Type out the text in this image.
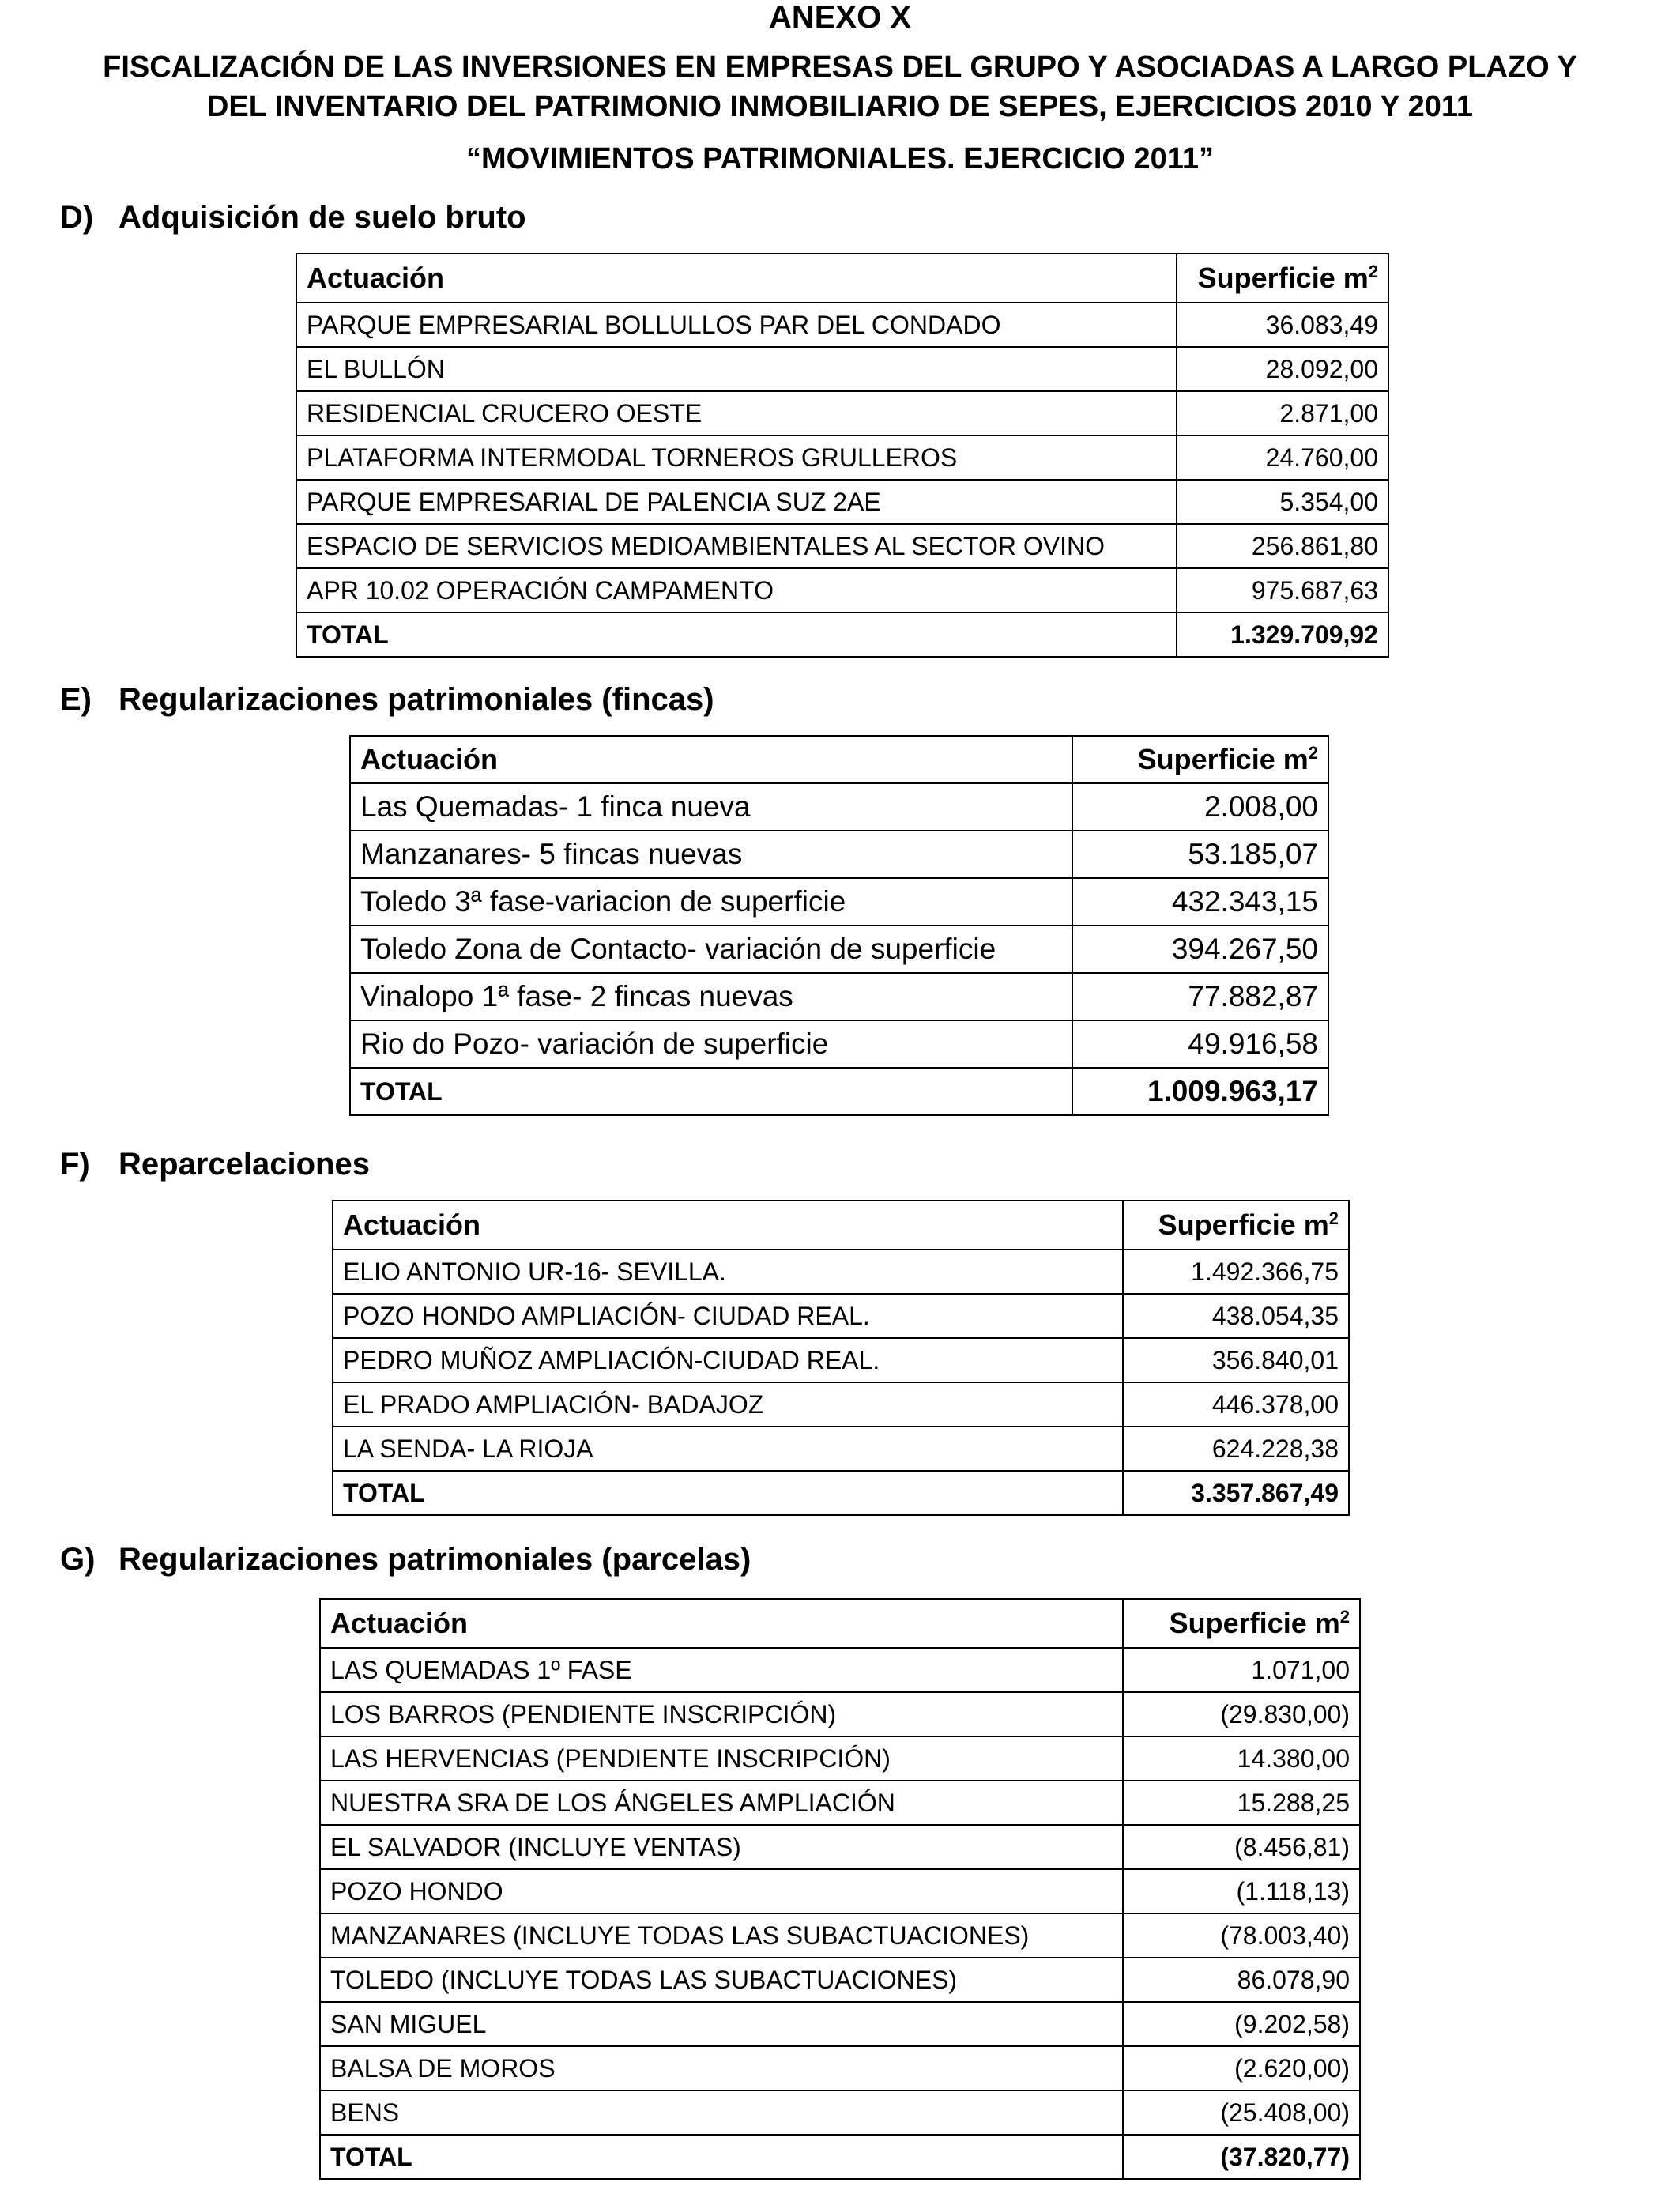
ANEXO X
FISCALIZACIÓN DE LAS INVERSIONES EN EMPRESAS DEL GRUPO Y ASOCIADAS A LARGO PLAZO Y
DEL INVENTARIO DEL PATRIMONIO INMOBILIARIO DE SEPES, EJERCICIOS 2010 Y 2011
“MOVIMIENTOS PATRIMONIALES. EJERCICIO 2011”
D) Adquisición de suelo bruto
Actuación	Superficie $m^2$
PARQUE EMPRESARIAL BOLLULLOS PAR DEL CONDADO	36.083,49
EL BULLÓN	28.092,00
RESIDENCIAL CRUCERO OESTE	2.871,00
PLATAFORMA INTERMODAL TORNEROS GRULLEROS	24.760,00
PARQUE EMPRESARIAL DE PALENCIA SUZ 2AE	5.354,00
ESPACIO DE SERVICIOS MEDIOAMBIENTALES AL SECTOR OVINO	256.861,80
APR 10.02 OPERACIÓN CAMPAMENTO	975.687,63
TOTAL	1.329.709,92
E) Regularizaciones patrimoniales (fincas)
Actuación	Superficie $m^2$
Las Quemadas- 1 finca nueva	2.008,00
Manzanares- 5 fincas nuevas	53.185,07
Toledo 3ª fase-variacion de superficie	432.343,15
Toledo Zona de Contacto- variación de superficie	394.267,50
Vinalopo 1ª fase- 2 fincas nuevas	77.882,87
Rio do Pozo- variación de superficie	49.916,58
TOTAL	1.009.963,17
F) Reparcelaciones
Actuación	Superficie $m^2$
ELIO ANTONIO UR-16- SEVILLA.	1.492.366,75
POZO HONDO AMPLIACIÓN- CIUDAD REAL.	438.054,35
PEDRO MUÑOZ AMPLIACIÓN-CIUDAD REAL.	356.840,01
EL PRADO AMPLIACIÓN- BADAJOZ	446.378,00
LA SENDA- LA RIOJA	624.228,38
TOTAL	3.357.867,49
G) Regularizaciones patrimoniales (parcelas)
Actuación	Superficie $m^2$
LAS QUEMADAS 1º FASE	1.071,00
LOS BARROS (PENDIENTE INSCRIPCIÓN)	(29.830,00)
LAS HERVENCIAS (PENDIENTE INSCRIPCIÓN)	14.380,00
NUESTRA SRA DE LOS ÁNGELES AMPLIACIÓN	15.288,25
EL SALVADOR (INCLUYE VENTAS)	(8.456,81)
POZO HONDO	(1.118,13)
MANZANARES (INCLUYE TODAS LAS SUBACTUACIONES)	(78.003,40)
TOLEDO (INCLUYE TODAS LAS SUBACTUACIONES)	86.078,90
SAN MIGUEL	(9.202,58)
BALSA DE MOROS	(2.620,00)
BENS	(25.408,00)
TOTAL	(37.820,77)
